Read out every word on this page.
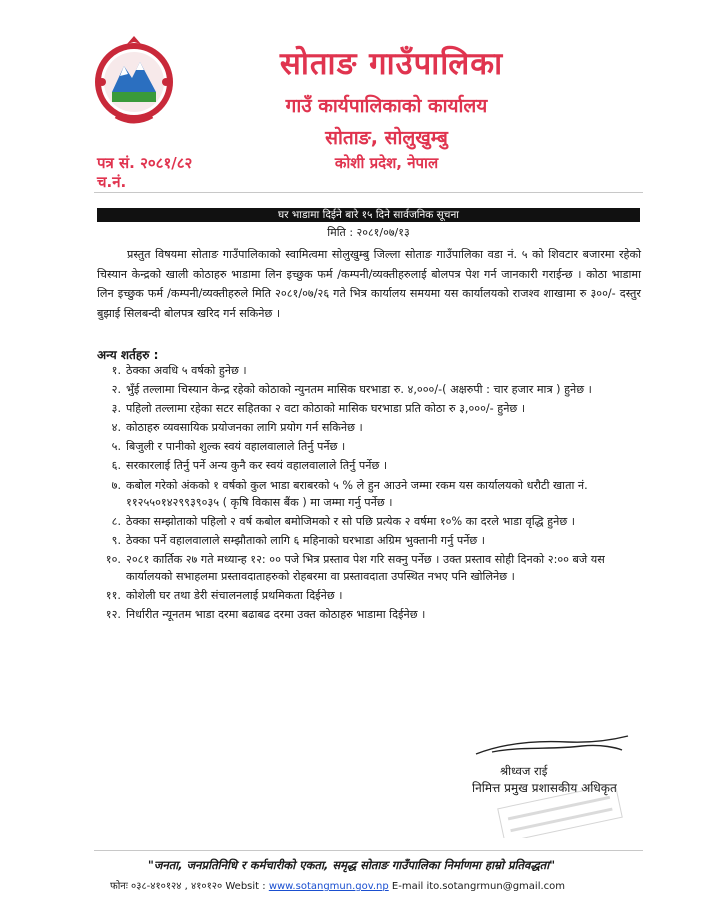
सोताङ गाउँपालिका
गाउँ कार्यपालिकाको कार्यालय
सोताङ, सोलुखुम्बु
कोशी प्रदेश, नेपाल
पत्र सं. २०८१/८२
च.नं.
घर भाडामा दिईने बारे १५ दिने सार्वजनिक सूचना
मिति : २०८१/०७/१३
प्रस्तुत विषयमा सोताङ गाउँपालिकाको स्वामित्वमा सोलुखुम्बु जिल्ला सोताङ गाउँपालिका वडा नं. ५ को शिवटार बजारमा रहेको चिस्यान केन्द्रको खाली कोठाहरु भाडामा लिन इच्छुक फर्म /कम्पनी/व्यक्तीहरुलाई बोलपत्र पेश गर्न जानकारी गराईन्छ । कोठा भाडामा लिन इच्छुक फर्म /कम्पनी/व्यक्तीहरुले मिति २०८१/०७/२६ गते भित्र कार्यालय समयमा यस कार्यालयको राजश्व शाखामा रु ३००/- दस्तुर बुझाई सिलबन्दी बोलपत्र खरिद गर्न सकिनेछ ।
अन्य शर्तहरु :
१. ठेक्का अवधि ५ वर्षको हुनेछ ।
२. भुँई तल्लामा चिस्यान केन्द्र रहेको कोठाको न्युनतम मासिक घरभाडा रु. ४,०००/-( अक्षरुपी : चार हजार मात्र ) हुनेछ ।
३. पहिलो तल्लामा रहेका सटर सहितका २ वटा कोठाको मासिक घरभाडा प्रति कोठा रु ३,०००/- हुनेछ ।
४. कोठाहरु व्यवसायिक प्रयोजनका लागि प्रयोग गर्न सकिनेछ ।
५. बिजुली र पानीको शुल्क स्वयं वहालवालाले तिर्नु पर्नेछ ।
६. सरकारलाई तिर्नु पर्ने अन्य कुनै कर स्वयं वहालवालाले तिर्नु पर्नेछ ।
७. कबोल गरेको अंकको १ वर्षको कुल भाडा बराबरको ५ % ले हुन आउने जम्मा रकम यस कार्यालयको धरौटी खाता नं. ११२५५०१४२९९३९०३५ ( कृषि विकास बैंक ) मा जम्मा गर्नु पर्नेछ ।
८. ठेक्का सम्झोताको पहिलो २ वर्ष कबोल बमोजिमको र सो पछि प्रत्येक २ वर्षमा १०% का दरले भाडा वृद्धि हुनेछ ।
९. ठेक्का पर्ने वहालवालाले सम्झौताको लागि ६ महिनाको घरभाडा अग्रिम भुक्तानी गर्नु पर्नेछ ।
१०. २०८१ कार्तिक २७ गते मध्यान्ह १२: ०० पजे भित्र प्रस्ताव पेश गरि सक्नु पर्नेछ । उक्त प्रस्ताव सोही दिनको २:०० बजे यस कार्यालयको सभाहलमा प्रस्तावदाताहरुको रोहबरमा वा प्रस्तावदाता उपस्थित नभए पनि खोलिनेछ ।
११. कोशेली घर तथा डेरी संचालनलाई प्रथमिकता दिईनेछ ।
१२. निर्धारीत न्यूनतम भाडा दरमा बढाबढ दरमा उक्त कोठाहरु भाडामा दिईनेछ ।
श्रीध्वज राई
निमित्त प्रमुख प्रशासकीय अधिकृत
"जनता, जनप्रतिनिधि र कर्मचारीको एकता, समृद्ध सोताङ गाउँपालिका निर्माणमा हाम्रो प्रतिवद्धता"
फोनः ०३८-४१०१२४ , ४१०१२० Websit : www.sotangmun.gov.np E-mail ito.sotangrmun@gmail.com
